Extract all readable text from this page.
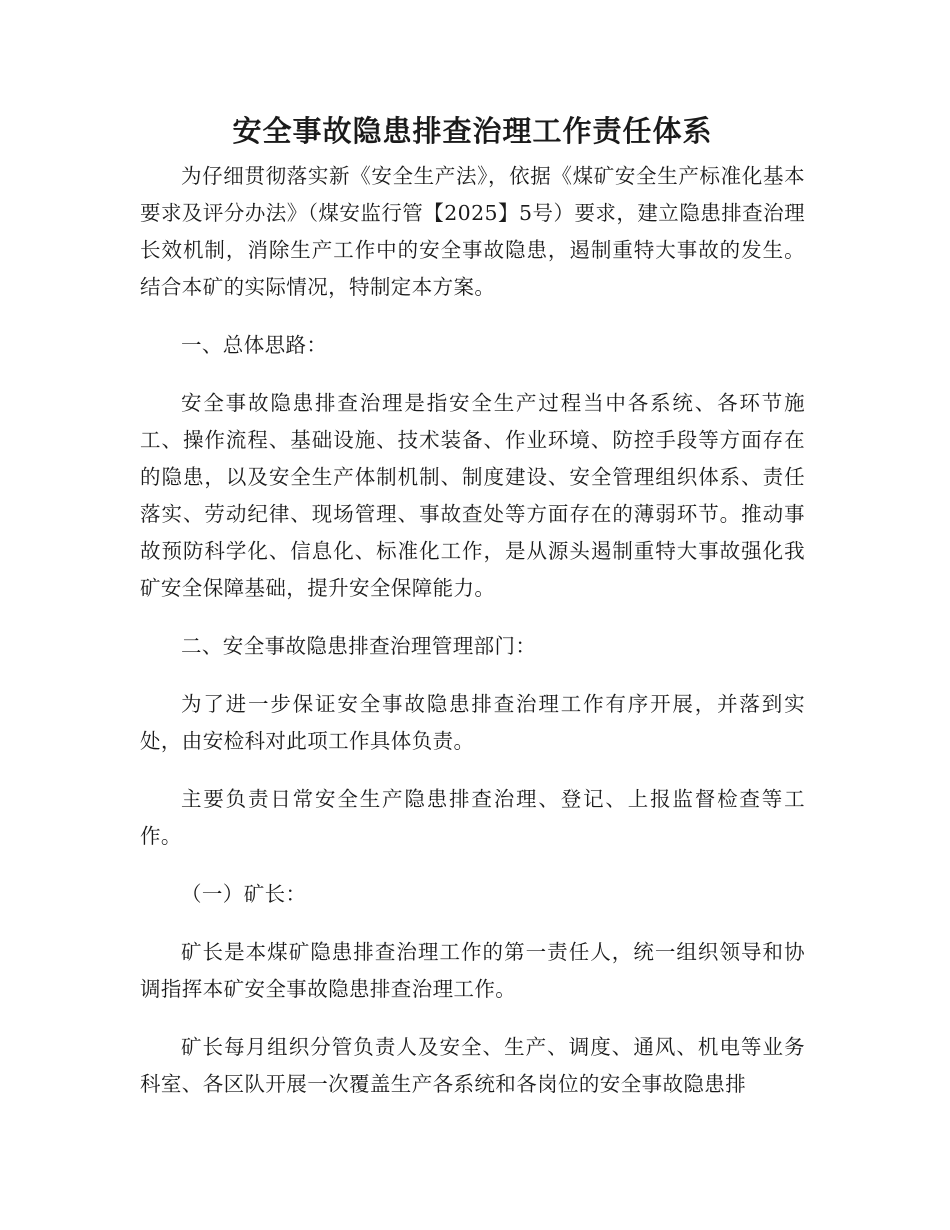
安全事故隐患排查治理工作责任体系

为仔细贯彻落实新《安全生产法》，依据《煤矿安全生产标准化基本要求及评分办法》（煤安监行管【2025】5号）要求，建立隐患排查治理长效机制，消除生产工作中的安全事故隐患，遏制重特大事故的发生。结合本矿的实际情况，特制定本方案。

一、总体思路：

安全事故隐患排查治理是指安全生产过程当中各系统、各环节施工、操作流程、基础设施、技术装备、作业环境、防控手段等方面存在的隐患，以及安全生产体制机制、制度建设、安全管理组织体系、责任落实、劳动纪律、现场管理、事故查处等方面存在的薄弱环节。推动事故预防科学化、信息化、标准化工作，是从源头遏制重特大事故强化我矿安全保障基础，提升安全保障能力。

二、安全事故隐患排查治理管理部门：

为了进一步保证安全事故隐患排查治理工作有序开展，并落到实处，由安检科对此项工作具体负责。

主要负责日常安全生产隐患排查治理、登记、上报监督检查等工作。

（一）矿长：

矿长是本煤矿隐患排查治理工作的第一责任人，统一组织领导和协调指挥本矿安全事故隐患排查治理工作。

矿长每月组织分管负责人及安全、生产、调度、通风、机电等业务科室、各区队开展一次覆盖生产各系统和各岗位的安全事故隐患排
